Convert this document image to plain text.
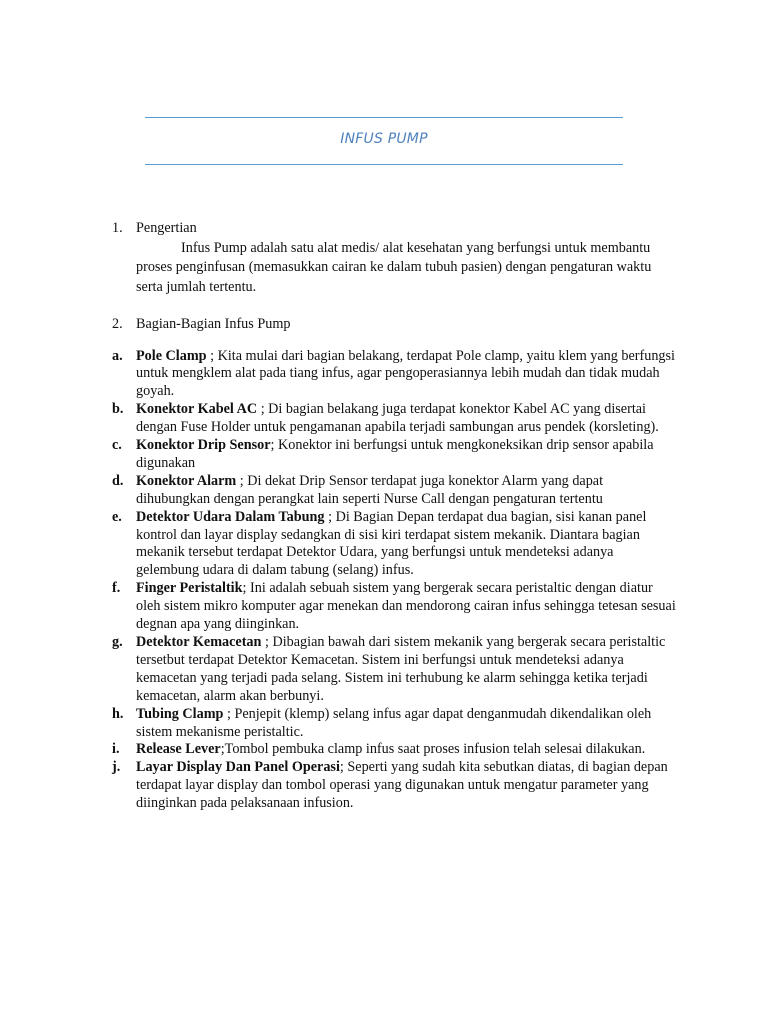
INFUS PUMP
1. Pengertian

Infus Pump adalah satu alat medis/ alat kesehatan yang berfungsi untuk membantu proses penginfusan (memasukkan cairan ke dalam tubuh pasien) dengan pengaturan waktu serta jumlah tertentu.

2. Bagian-Bagian Infus Pump
a. Pole Clamp ; Kita mulai dari bagian belakang, terdapat Pole clamp, yaitu klem yang berfungsi untuk mengklem alat pada tiang infus, agar pengoperasiannya lebih mudah dan tidak mudah goyah.
b. Konektor Kabel AC ; Di bagian belakang juga terdapat konektor Kabel AC yang disertai dengan Fuse Holder untuk pengamanan apabila terjadi sambungan arus pendek (korsleting).
c. Konektor Drip Sensor; Konektor ini berfungsi untuk mengkoneksikan drip sensor apabila digunakan
d. Konektor Alarm ; Di dekat Drip Sensor terdapat juga konektor Alarm yang dapat dihubungkan dengan perangkat lain seperti Nurse Call dengan pengaturan tertentu
e. Detektor Udara Dalam Tabung ; Di Bagian Depan terdapat dua bagian, sisi kanan panel kontrol dan layar display sedangkan di sisi kiri terdapat sistem mekanik. Diantara bagian mekanik tersebut terdapat Detektor Udara, yang berfungsi untuk mendeteksi adanya gelembung udara di dalam tabung (selang) infus.
f. Finger Peristaltik; Ini adalah sebuah sistem yang bergerak secara peristaltic dengan diatur oleh sistem mikro komputer agar menekan dan mendorong cairan infus sehingga tetesan sesuai degnan apa yang diinginkan.
g. Detektor Kemacetan ; Dibagian bawah dari sistem mekanik yang bergerak secara peristaltic tersetbut terdapat Detektor Kemacetan. Sistem ini berfungsi untuk mendeteksi adanya kemacetan yang terjadi pada selang. Sistem ini terhubung ke alarm sehingga ketika terjadi kemacetan, alarm akan berbunyi.
h. Tubing Clamp ; Penjepit (klemp) selang infus agar dapat denganmudah dikendalikan oleh sistem mekanisme peristaltic.
i. Release Lever;Tombol pembuka clamp infus saat proses infusion telah selesai dilakukan.
j. Layar Display Dan Panel Operasi; Seperti yang sudah kita sebutkan diatas, di bagian depan terdapat layar display dan tombol operasi yang digunakan untuk mengatur parameter yang diinginkan pada pelaksanaan infusion.
